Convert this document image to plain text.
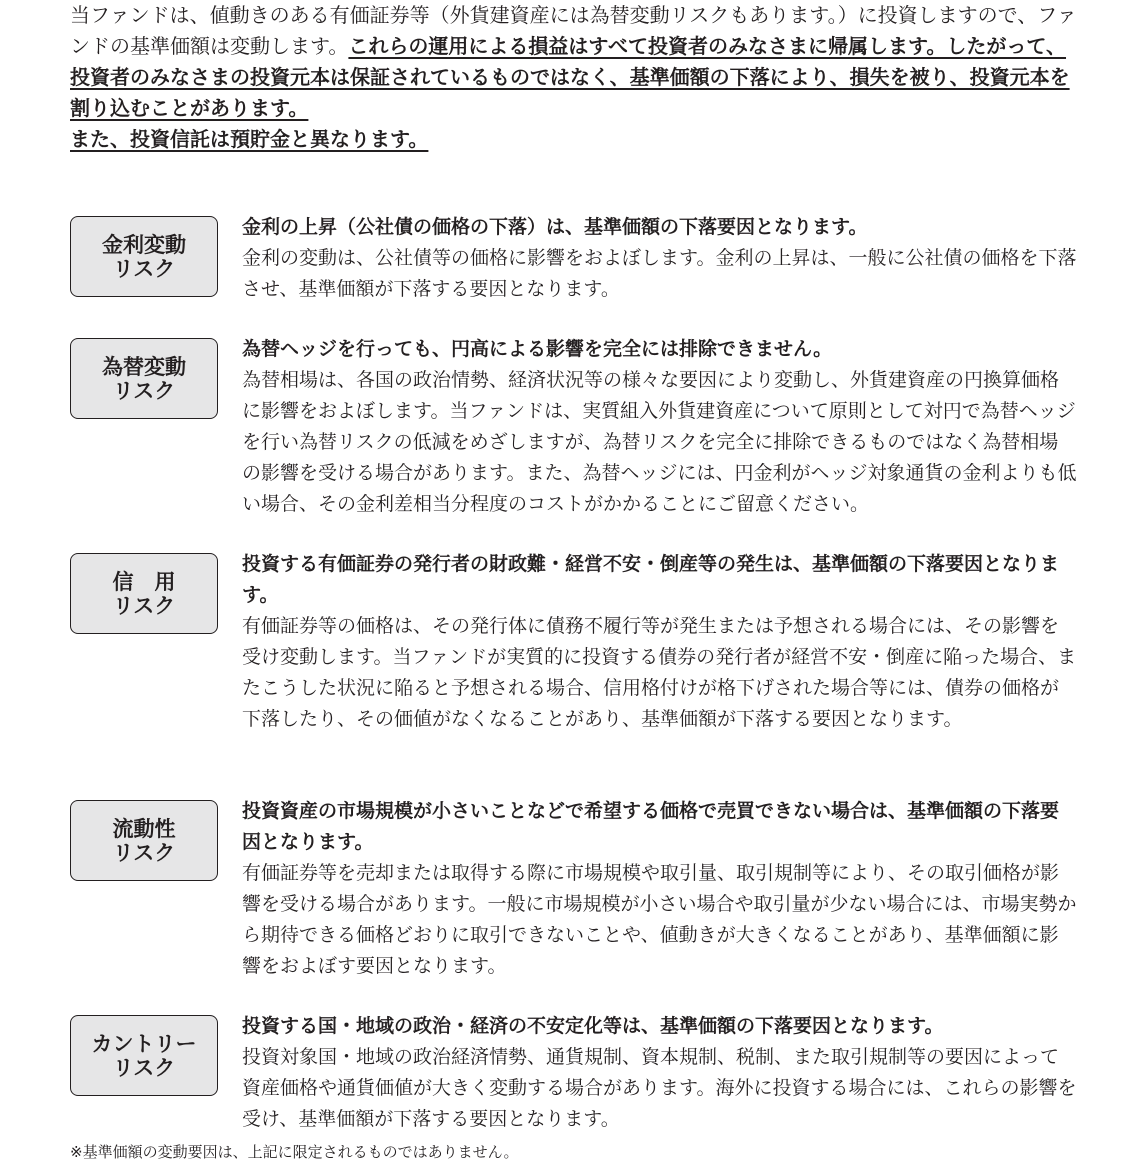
当ファンドは、値動きのある有価証券等（外貨建資産には為替変動リスクもあります。）に投資しますので、ファンドの基準価額は変動します。これらの運用による損益はすべて投資者のみなさまに帰属します。したがって、投資者のみなさまの投資元本は保証されているものではなく、基準価額の下落により、損失を被り、投資元本を割り込むことがあります。
また、投資信託は預貯金と異なります。

金利変動
リスク

金利の上昇（公社債の価格の下落）は、基準価額の下落要因となります。

金利の変動は、公社債等の価格に影響をおよぼします。金利の上昇は、一般に公社債の価格を下落させ、基準価額が下落する要因となります。

為替変動
リスク

為替ヘッジを行っても、円高による影響を完全には排除できません。

為替相場は、各国の政治情勢、経済状況等の様々な要因により変動し、外貨建資産の円換算価格に影響をおよぼします。当ファンドは、実質組入外貨建資産について原則として対円で為替ヘッジを行い為替リスクの低減をめざしますが、為替リスクを完全に排除できるものではなく為替相場の影響を受ける場合があります。また、為替ヘッジには、円金利がヘッジ対象通貨の金利よりも低い場合、その金利差相当分程度のコストがかかることにご留意ください。

信　用
リスク

投資する有価証券の発行者の財政難・経営不安・倒産等の発生は、基準価額の下落要因となります。

有価証券等の価格は、その発行体に債務不履行等が発生または予想される場合には、その影響を受け変動します。当ファンドが実質的に投資する債券の発行者が経営不安・倒産に陥った場合、またこうした状況に陥ると予想される場合、信用格付けが格下げされた場合等には、債券の価格が下落したり、その価値がなくなることがあり、基準価額が下落する要因となります。

流動性
リスク

投資資産の市場規模が小さいことなどで希望する価格で売買できない場合は、基準価額の下落要因となります。

有価証券等を売却または取得する際に市場規模や取引量、取引規制等により、その取引価格が影響を受ける場合があります。一般に市場規模が小さい場合や取引量が少ない場合には、市場実勢から期待できる価格どおりに取引できないことや、値動きが大きくなることがあり、基準価額に影響をおよぼす要因となります。

カントリー
リスク

投資する国・地域の政治・経済の不安定化等は、基準価額の下落要因となります。

投資対象国・地域の政治経済情勢、通貨規制、資本規制、税制、また取引規制等の要因によって資産価格や通貨価値が大きく変動する場合があります。海外に投資する場合には、これらの影響を受け、基準価額が下落する要因となります。

※基準価額の変動要因は、上記に限定されるものではありません。
